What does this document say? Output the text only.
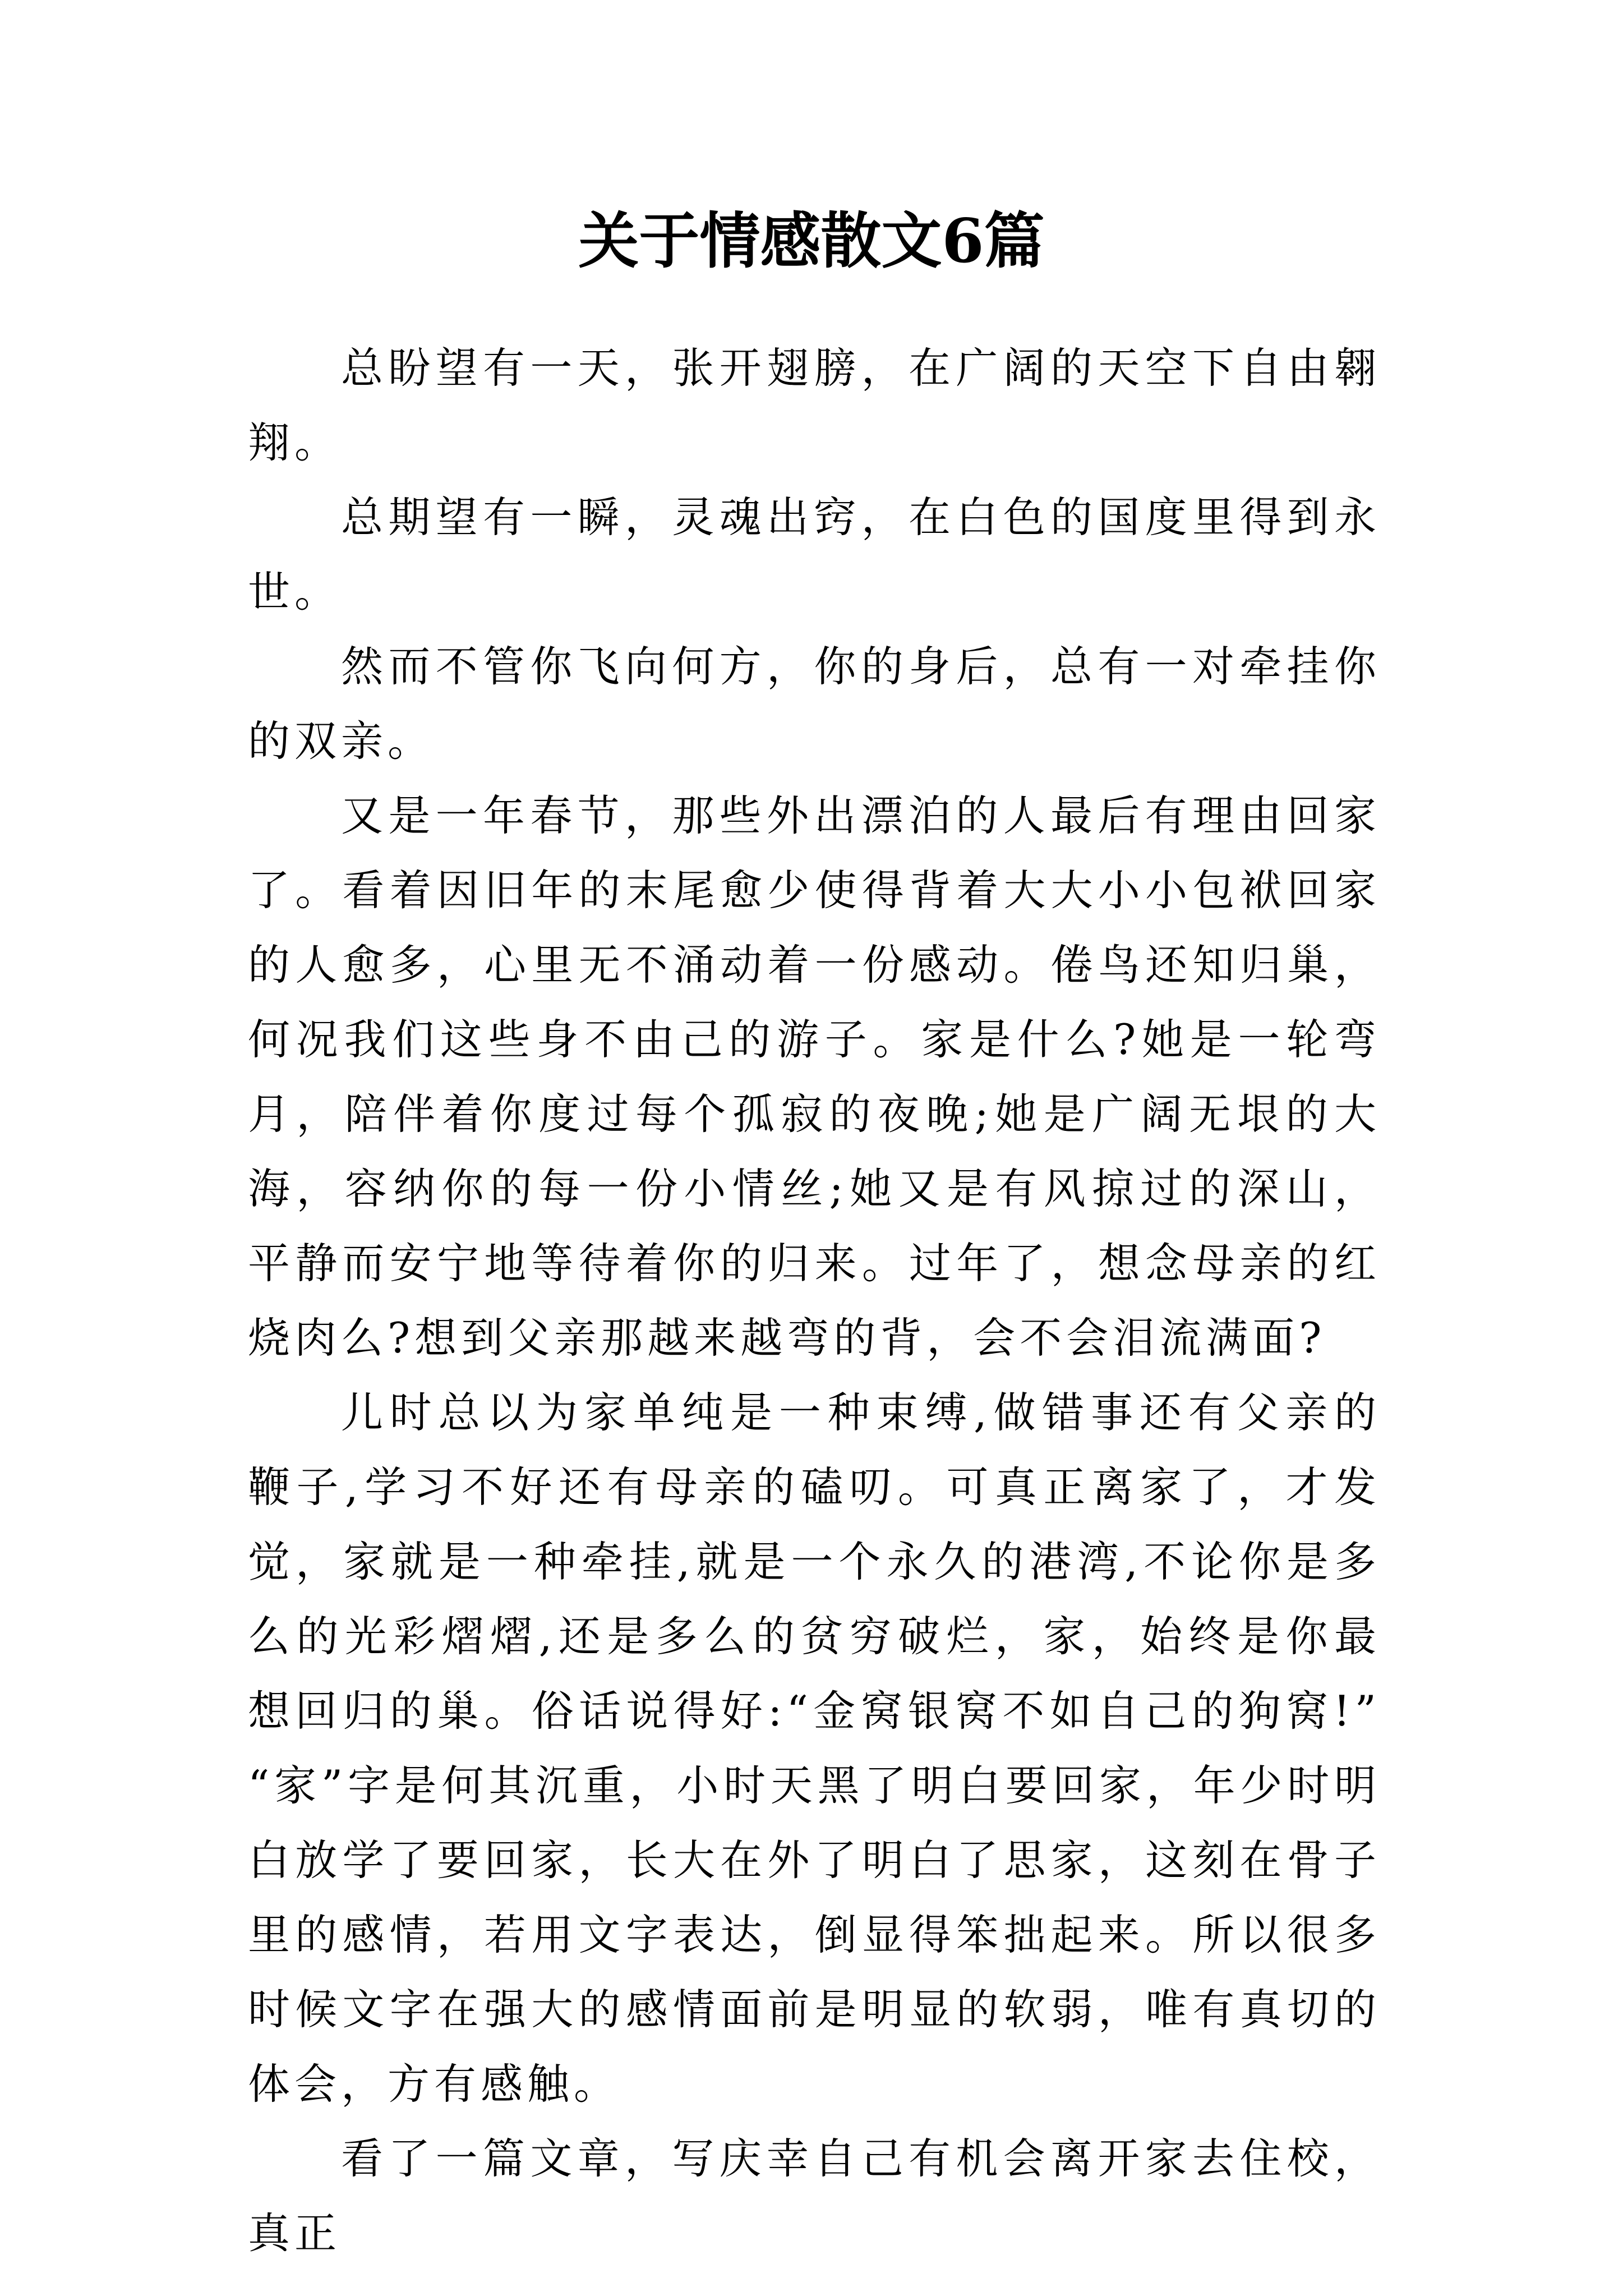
关于情感散文6篇

总盼望有一天，张开翅膀，在广阔的天空下自由翱翔。

总期望有一瞬，灵魂出窍，在白色的国度里得到永世。

然而不管你飞向何方，你的身后，总有一对牵挂你的双亲。

又是一年春节，那些外出漂泊的人最后有理由回家了。看着因旧年的末尾愈少使得背着大大小小包袱回家的人愈多，心里无不涌动着一份感动。倦鸟还知归巢，何况我们这些身不由己的游子。家是什么?她是一轮弯月，陪伴着你度过每个孤寂的夜晚;她是广阔无垠的大海，容纳你的每一份小情丝;她又是有风掠过的深山，平静而安宁地等待着你的归来。过年了，想念母亲的红烧肉么?想到父亲那越来越弯的背，会不会泪流满面?

儿时总以为家单纯是一种束缚,做错事还有父亲的鞭子,学习不好还有母亲的磕叨。可真正离家了，才发觉，家就是一种牵挂,就是一个永久的港湾,不论你是多么的光彩熠熠,还是多么的贫穷破烂，家，始终是你最想回归的巢。俗话说得好:“金窝银窝不如自己的狗窝!”“家”字是何其沉重，小时天黑了明白要回家，年少时明白放学了要回家，长大在外了明白了思家，这刻在骨子里的感情，若用文字表达，倒显得笨拙起来。所以很多时候文字在强大的感情面前是明显的软弱，唯有真切的体会，方有感触。

看了一篇文章，写庆幸自己有机会离开家去住校，真正
